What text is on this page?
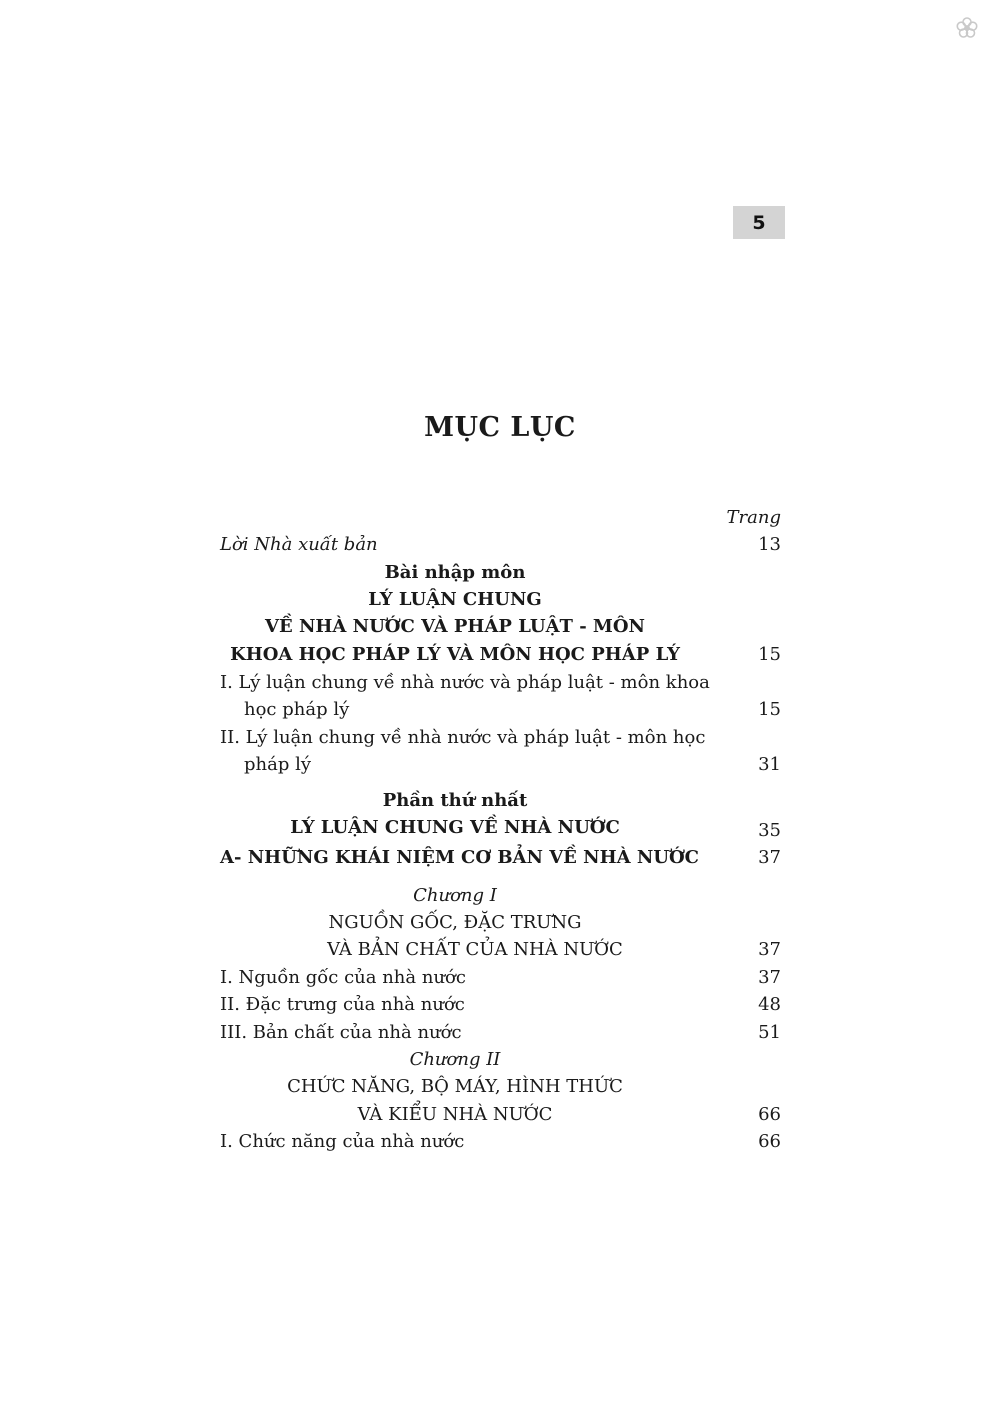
5
MỤC LỤC
Trang
Lời Nhà xuất bản	13
Bài nhập môn
LÝ LUẬN CHUNG
VỀ NHÀ NƯỚC VÀ PHÁP LUẬT - MÔN
KHOA HỌC PHÁP LÝ VÀ MÔN HỌC PHÁP LÝ	15
I. Lý luận chung về nhà nước và pháp luật - môn khoa
học pháp lý	15
II. Lý luận chung về nhà nước và pháp luật - môn học
pháp lý	31
Phần thứ nhất
LÝ LUẬN CHUNG VỀ NHÀ NƯỚC	35
A- NHỮNG KHÁI NIỆM CƠ BẢN VỀ NHÀ NƯỚC	37
Chương I
NGUỒN GỐC, ĐẶC TRƯNG
VÀ BẢN CHẤT CỦA NHÀ NƯỚC	37
I. Nguồn gốc của nhà nước	37
II. Đặc trưng của nhà nước	48
III. Bản chất của nhà nước	51
Chương II
CHỨC NĂNG, BỘ MÁY, HÌNH THỨC
VÀ KIỂU NHÀ NƯỚC	66
I. Chức năng của nhà nước	66
